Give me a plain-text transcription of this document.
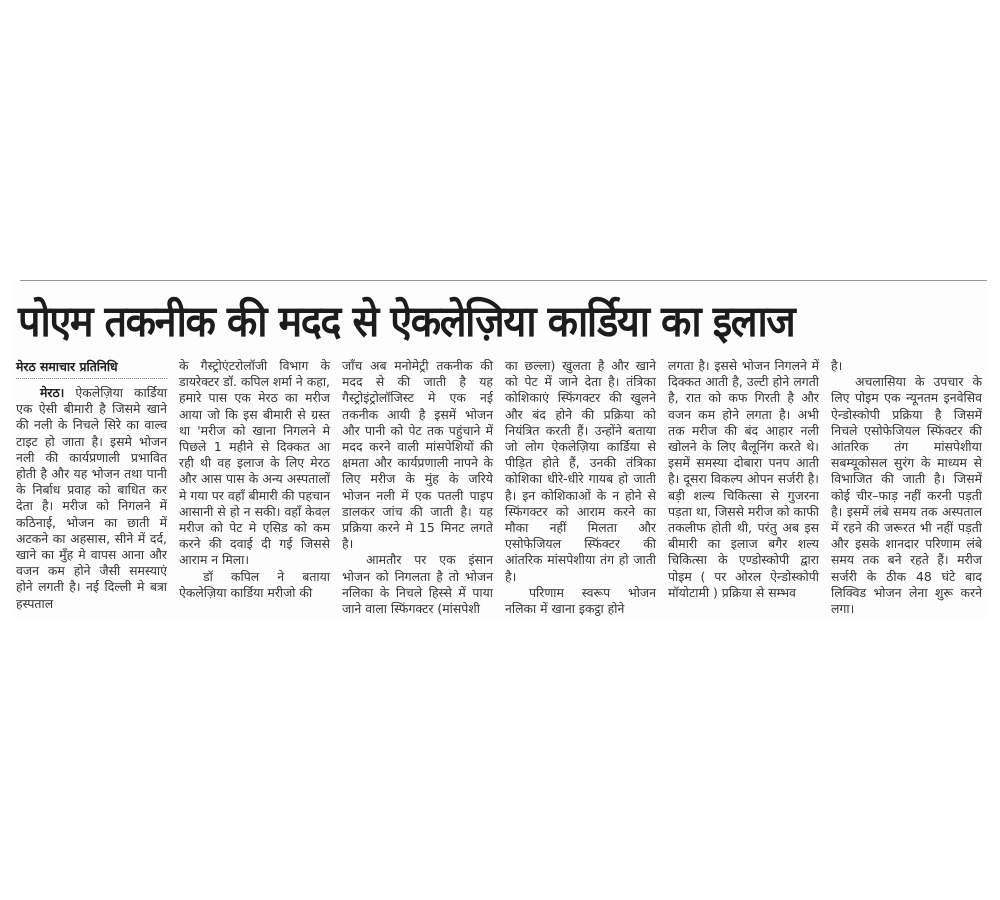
पोएम तकनीक की मदद से ऐकलेज़िया कार्डिया का इलाज
मेरठ समाचार प्रतिनिधि

मेरठ। ऐकलेज़िया कार्डिया एक ऐसी बीमारी है जिसमे खाने की नली के निचले सिरे का वाल्व टाइट हो जाता है। इसमे भोजन नली की कार्यप्रणाली प्रभावित होती है और यह भोजन तथा पानी के निर्बाध प्रवाह को बाधित कर देता है। मरीज को निगलने में कठिनाई, भोजन का छाती में अटकने का अहसास, सीने में दर्द, खाने का मुँह मे वापस आना और वजन कम होने जैसी समस्याएं होने लगती है। नई दिल्ली मे बत्रा हस्पताल

के गैस्ट्रोएंटरोलॉजी विभाग के डायरेक्टर डॉ. कपिल शर्मा ने कहा, हमारे पास एक मेरठ का मरीज आया जो कि इस बीमारी से ग्रस्त था 'मरीज को खाना निगलने मे पिछले 1 महीने से दिक्कत आ रही थी वह इलाज के लिए मेरठ और आस पास के अन्य अस्पतालों मे गया पर वहाँ बीमारी की पहचान आसानी से हो न सकी। वहाँ केवल मरीज को पेट मे एसिड को कम करने की दवाई दी गई जिससे आराम न मिला।

डॉ कपिल ने बताया ऐकलेज़िया कार्डिया मरीजो की

जाँच अब मनोमेट्री तकनीक की मदद से की जाती है यह गैस्ट्रोइंट्रोलॉजिस्ट मे एक नई तकनीक आयी है इसमें भोजन और पानी को पेट तक पहुंचाने में मदद करने वाली मांसपेशियों की क्षमता और कार्यप्रणाली नापने के लिए मरीज के मुंह के जरिये भोजन नली में एक पतली पाइप डालकर जांच की जाती है। यह प्रक्रिया करने मे 15 मिनट लगते है।

आमतौर पर एक इंसान भोजन को निगलता है तो भोजन नलिका के निचले हिस्से में पाया जाने वाला स्फिंगक्टर (मांसपेशी

का छल्ला) खुलता है और खाने को पेट में जाने देता है। तंत्रिका कोशिकाएं स्फिंगक्टर की खुलने और बंद होने की प्रक्रिया को नियंत्रित करती हैं। उन्होंने बताया जो लोग ऐकलेज़िया कार्डिया से पीड़ित होते हैं, उनकी तंत्रिका कोशिका धीरे-धीरे गायब हो जाती है। इन कोशिकाओं के न होने से स्फिंगक्टर को आराम करने का मौका नहीं मिलता और एसोफेजियल स्फिंक्टर की आंतरिक मांसपेशीया तंग हो जाती है।

परिणाम स्वरूप भोजन नलिका में खाना इकट्ठा होने

लगता है। इससे भोजन निगलने में दिक्कत आती है, उल्टी होने लगती है, रात को कफ गिरती है और वजन कम होने लगता है। अभी तक मरीज की बंद आहार नली खोलने के लिए बैलूनिंग करते थे। इसमें समस्या दोबारा पनप आती है। दूसरा विकल्प ओपन सर्जरी है।बड़ी शल्य चिकित्सा से गुजरना पड़ता था, जिससे मरीज को काफी तकलीफ होती थी, परंतु अब इस बीमारी का इलाज बगैर शल्य चिकित्सा के एण्डोस्कोपी द्वारा पोइम ( पर ओरल ऐन्डोस्कोपी मॉयोटामी ) प्रक्रिया से सम्भव

है।

अचलासिया के उपचार के लिए पोइम एक न्यूनतम इनवेसिव ऐन्डोस्कोपी प्रक्रिया है जिसमें निचले एसोफेजियल स्फिंक्टर की आंतरिक तंग मांसपेशीया सबम्यूकोसल सुरंग के माध्यम से विभाजित की जाती है। जिसमें कोई चीर–फाड़ नहीं करनी पड़ती है। इसमें लंबे समय तक अस्पताल में रहने की जरूरत भी नहीं पड़ती और इसके शानदार परिणाम लंबे समय तक बने रहते हैं। मरीज सर्जरी के ठीक 48 घंटे बाद लिक्विड भोजन लेना शुरू करने लगा।
